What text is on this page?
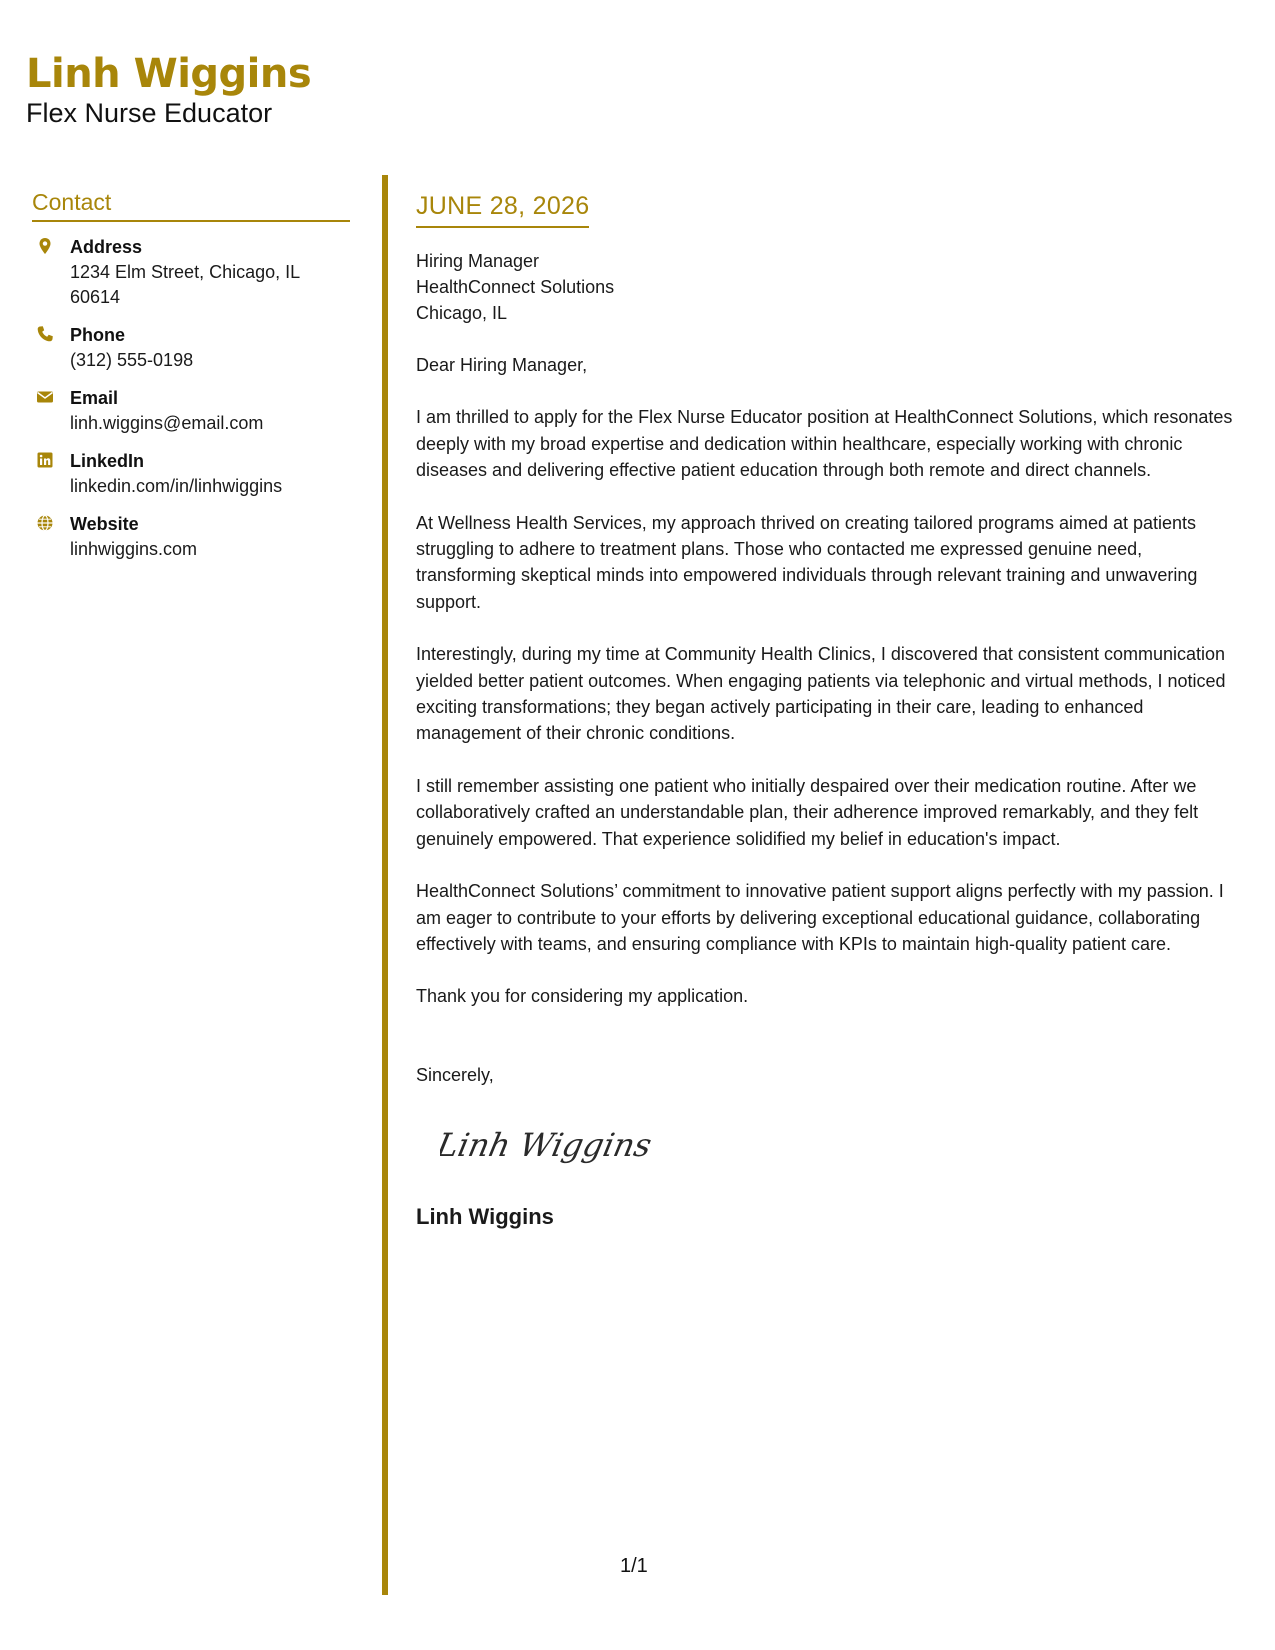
Linh Wiggins
Flex Nurse Educator
Contact
Address
1234 Elm Street, Chicago, IL 60614
Phone
(312) 555-0198
Email
linh.wiggins@email.com
LinkedIn
linkedin.com/in/linhwiggins
Website
linhwiggins.com
JUNE 28, 2026
Hiring Manager
HealthConnect Solutions
Chicago, IL

Dear Hiring Manager,

I am thrilled to apply for the Flex Nurse Educator position at HealthConnect Solutions, which resonates deeply with my broad expertise and dedication within healthcare, especially working with chronic diseases and delivering effective patient education through both remote and direct channels.

At Wellness Health Services, my approach thrived on creating tailored programs aimed at patients struggling to adhere to treatment plans. Those who contacted me expressed genuine need, transforming skeptical minds into empowered individuals through relevant training and unwavering support.

Interestingly, during my time at Community Health Clinics, I discovered that consistent communication yielded better patient outcomes. When engaging patients via telephonic and virtual methods, I noticed exciting transformations; they began actively participating in their care, leading to enhanced management of their chronic conditions.

I still remember assisting one patient who initially despaired over their medication routine. After we collaboratively crafted an understandable plan, their adherence improved remarkably, and they felt genuinely empowered. That experience solidified my belief in education's impact.

HealthConnect Solutions’ commitment to innovative patient support aligns perfectly with my passion. I am eager to contribute to your efforts by delivering exceptional educational guidance, collaborating effectively with teams, and ensuring compliance with KPIs to maintain high-quality patient care.

Thank you for considering my application.

Sincerely,
Linh Wiggins
Linh Wiggins
1/1
